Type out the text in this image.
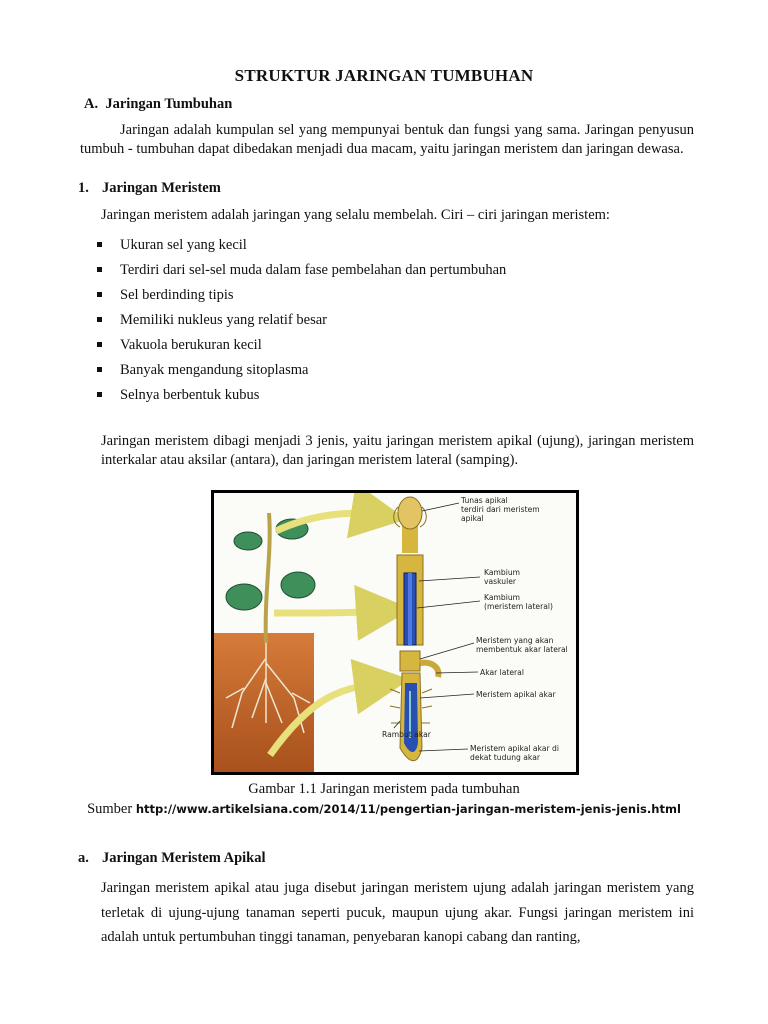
STRUKTUR JARINGAN TUMBUHAN
A. Jaringan Tumbuhan
Jaringan adalah kumpulan sel yang mempunyai bentuk dan fungsi yang sama. Jaringan penyusun tumbuh - tumbuhan dapat dibedakan menjadi dua macam, yaitu jaringan meristem dan jaringan dewasa.
1. Jaringan Meristem
Jaringan meristem adalah jaringan yang selalu membelah. Ciri – ciri jaringan meristem:
Ukuran sel yang kecil
Terdiri dari sel-sel muda dalam fase pembelahan dan pertumbuhan
Sel berdinding tipis
Memiliki nukleus yang relatif besar
Vakuola berukuran kecil
Banyak mengandung sitoplasma
Selnya berbentuk kubus
Jaringan meristem dibagi menjadi 3 jenis, yaitu jaringan meristem apikal (ujung), jaringan meristem interkalar atau aksilar (antara), dan jaringan meristem lateral (samping).
Tunas apikal
terdiri dari meristem
apikal
Kambium
vaskuler
Kambium
(meristem lateral)
Meristem yang akan
membentuk akar lateral
Akar lateral
Meristem apikal akar
Rambut akar
Meristem apikal akar di
dekat tudung akar
Gambar 1.1 Jaringan meristem pada tumbuhan
Sumber http://www.artikelsiana.com/2014/11/pengertian-jaringan-meristem-jenis-jenis.html
a. Jaringan Meristem Apikal
Jaringan meristem apikal atau juga disebut jaringan meristem ujung adalah jaringan meristem yang terletak di ujung-ujung tanaman seperti pucuk, maupun ujung akar. Fungsi jaringan meristem ini adalah untuk pertumbuhan tinggi tanaman, penyebaran kanopi cabang dan ranting,
